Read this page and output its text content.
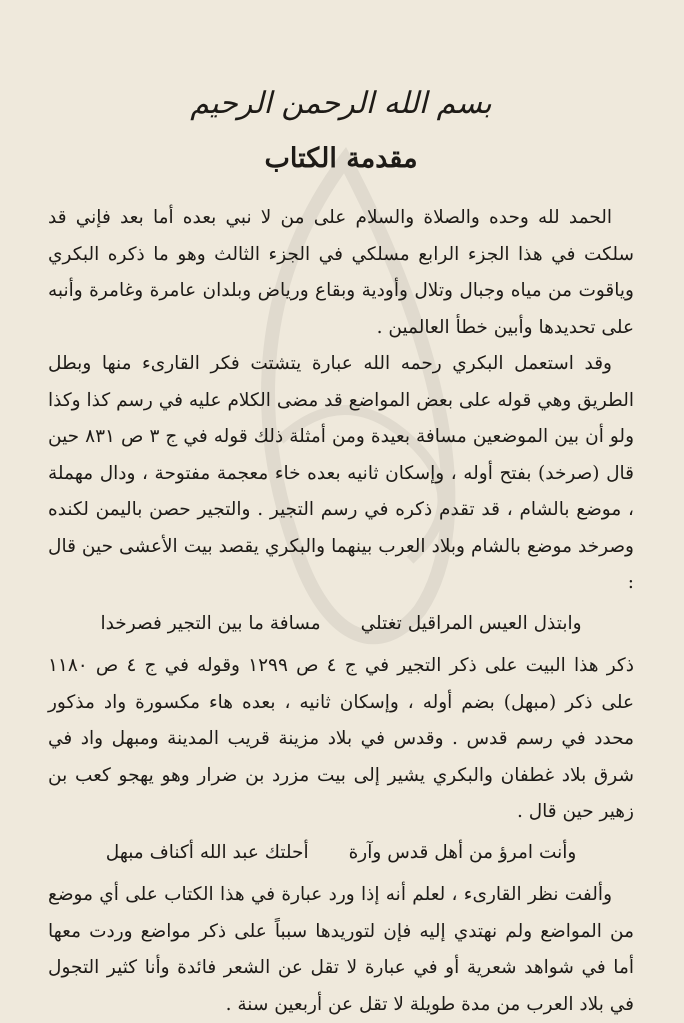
بسم الله الرحمن الرحيم
مقدمة الكتاب

الحمد لله وحده والصلاة والسلام على من لا نبي بعده أما بعد فإني قد سلكت في هذا الجزء الرابع مسلكي في الجزء الثالث وهو ما ذكره البكري وياقوت من مياه وجبال وتلال وأودية وبقاع ورياض وبلدان عامرة وغامرة وأنبه على تحديدها وأبين خطأ العالمين .

وقد استعمل البكري رحمه الله عبارة يتشتت فكر القارىء منها وبطل الطريق وهي قوله على بعض المواضع قد مضى الكلام عليه في رسم كذا وكذا ولو أن بين الموضعين مسافة بعيدة ومن أمثلة ذلك قوله في ج ٣ ص ٨٣١ حين قال (صرخد) بفتح أوله ، وإسكان ثانيه بعده خاء معجمة مفتوحة ، ودال مهملة ، موضع بالشام ، قد تقدم ذكره في رسم التجير . والتجير حصن باليمن لكنده وصرخد موضع بالشام وبلاد العرب بينهما والبكري يقصد بيت الأعشى حين قال :

وابتذل العيس المراقيل تغتلي
مسافة ما بين التجير فصرخدا

ذكر هذا البيت على ذكر التجير في ج ٤ ص ١٢٩٩ وقوله في ج ٤ ص ١١٨٠ على ذكر (مبهل) بضم أوله ، وإسكان ثانيه ، بعده هاء مكسورة واد مذكور محدد في رسم قدس . وقدس في بلاد مزينة قريب المدينة ومبهل واد في شرق بلاد غطفان والبكري يشير إلى بيت مزرد بن ضرار وهو يهجو كعب بن زهير حين قال .

وأنت امرؤ من أهل قدس وآرة
أحلتك عبد الله أكناف مبهل

وألفت نظر القارىء ، لعلم أنه إذا ورد عبارة في هذا الكتاب على أي موضع من المواضع ولم نهتدي إليه فإن لتوريدها سبباً على ذكر مواضع وردت معها أما في شواهد شعرية أو في عبارة لا تقل عن الشعر فائدة وأنا كثير التجول في بلاد العرب من مدة طويلة لا تقل عن أربعين سنة .
